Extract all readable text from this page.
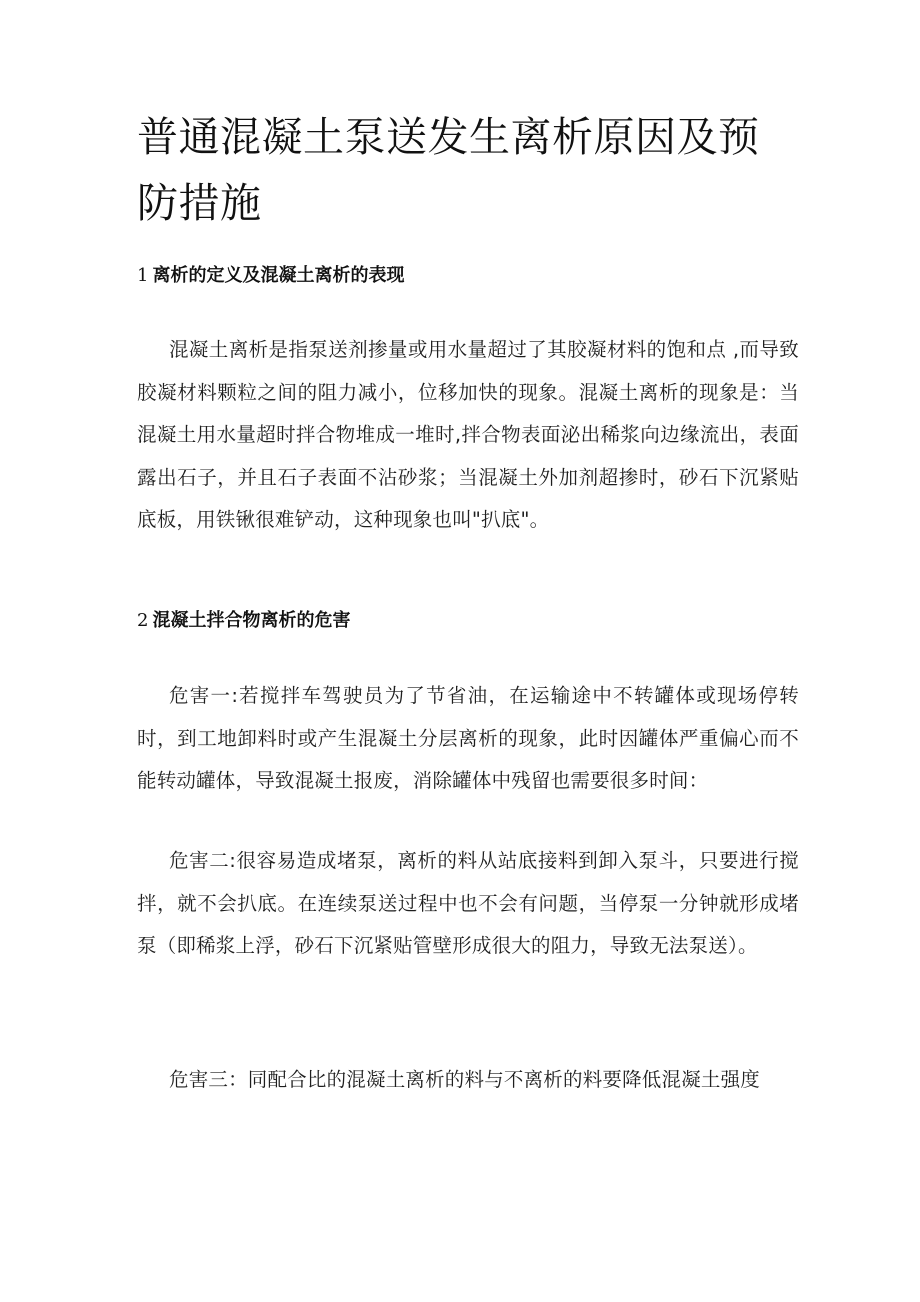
普通混凝土泵送发生离析原因及预防措施
1 离析的定义及混凝土离析的表现

混凝土离析是指泵送剂掺量或用水量超过了其胶凝材料的饱和点 ,而导致胶凝材料颗粒之间的阻力减小，位移加快的现象。混凝土离析的现象是：当混凝土用水量超时拌合物堆成一堆时,拌合物表面泌出稀浆向边缘流出，表面露出石子，并且石子表面不沾砂浆；当混凝土外加剂超掺时，砂石下沉紧贴底板，用铁锹很难铲动，这种现象也叫"扒底"。

2 混凝土拌合物离析的危害

危害一:若搅拌车驾驶员为了节省油，在运输途中不转罐体或现场停转时，到工地卸料时或产生混凝土分层离析的现象，此时因罐体严重偏心而不能转动罐体，导致混凝土报废，消除罐体中残留也需要很多时间：

危害二:很容易造成堵泵，离析的料从站底接料到卸入泵斗，只要进行搅拌，就不会扒底。在连续泵送过程中也不会有问题，当停泵一分钟就形成堵泵（即稀浆上浮，砂石下沉紧贴管壁形成很大的阻力，导致无法泵送）。

危害三：同配合比的混凝土离析的料与不离析的料要降低混凝土强度
